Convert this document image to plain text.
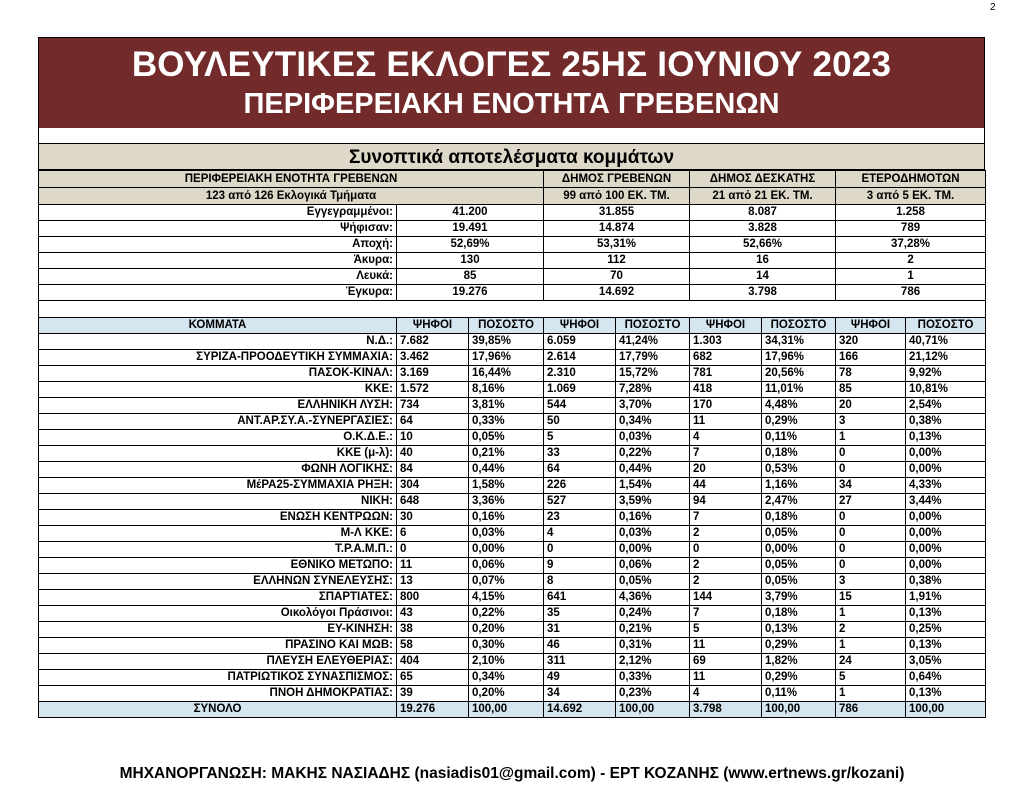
2
ΒΟΥΛΕΥΤΙΚΕΣ ΕΚΛΟΓΕΣ 25ΗΣ ΙΟΥΝΙΟΥ 2023
ΠΕΡΙΦΕΡΕΙΑΚΗ ΕΝΟΤΗΤΑ ΓΡΕΒΕΝΩΝ
Συνοπτικά αποτελέσματα κομμάτων
ΠΕΡΙΦΕΡΕΙΑΚΗ ΕΝΟΤΗΤΑ ΓΡΕΒΕΝΩΝ			ΔΗΜΟΣ ΓΡΕΒΕΝΩΝ		ΔΗΜΟΣ ΔΕΣΚΑΤΗΣ		ΕΤΕΡΟΔΗΜΟΤΩΝ	
123 από 126 Εκλογικά Τμήματα			99 από 100 ΕΚ. ΤΜ.		21 από 21 ΕΚ. ΤΜ.		3 από 5 ΕΚ. ΤΜ.	
Εγγεγραμμένοι:	41.200		31.855		8.087		1.258	
Ψήφισαν:	19.491		14.874		3.828		789	
Αποχή:	52,69%		53,31%		52,66%		37,28%	
Άκυρα:	130		112		16		2	
Λευκά:	85		70		14		1	
Έγκυρα:	19.276		14.692		3.798		786	

ΚΟΜΜΑΤΑ	ΨΗΦΟΙ	ΠΟΣΟΣΤΟ	ΨΗΦΟΙ	ΠΟΣΟΣΤΟ	ΨΗΦΟΙ	ΠΟΣΟΣΤΟ	ΨΗΦΟΙ	ΠΟΣΟΣΤΟ
Ν.Δ.:	7.682	39,85%	6.059	41,24%	1.303	34,31%	320	40,71%
ΣΥΡΙΖΑ-ΠΡΟΟΔΕΥΤΙΚΗ ΣΥΜΜΑΧΙΑ:	3.462	17,96%	2.614	17,79%	682	17,96%	166	21,12%
ΠΑΣΟΚ-ΚΙΝΑΛ:	3.169	16,44%	2.310	15,72%	781	20,56%	78	9,92%
ΚΚΕ:	1.572	8,16%	1.069	7,28%	418	11,01%	85	10,81%
ΕΛΛΗΝΙΚΗ ΛΥΣΗ:	734	3,81%	544	3,70%	170	4,48%	20	2,54%
ΑΝΤ.ΑΡ.ΣΥ.Α.-ΣΥΝΕΡΓΑΣΙΕΣ:	64	0,33%	50	0,34%	11	0,29%	3	0,38%
Ο.Κ.Δ.Ε.:	10	0,05%	5	0,03%	4	0,11%	1	0,13%
ΚΚΕ (μ-λ):	40	0,21%	33	0,22%	7	0,18%	0	0,00%
ΦΩΝΗ ΛΟΓΙΚΗΣ:	84	0,44%	64	0,44%	20	0,53%	0	0,00%
ΜέΡΑ25-ΣΥΜΜΑΧΙΑ ΡΗΞΗ:	304	1,58%	226	1,54%	44	1,16%	34	4,33%
ΝΙΚΗ:	648	3,36%	527	3,59%	94	2,47%	27	3,44%
ΕΝΩΣΗ ΚΕΝΤΡΩΩΝ:	30	0,16%	23	0,16%	7	0,18%	0	0,00%
Μ-Λ ΚΚΕ:	6	0,03%	4	0,03%	2	0,05%	0	0,00%
Τ.Ρ.Α.Μ.Π.:	0	0,00%	0	0,00%	0	0,00%	0	0,00%
ΕΘΝΙΚΟ ΜΕΤΩΠΟ:	11	0,06%	9	0,06%	2	0,05%	0	0,00%
ΕΛΛΗΝΩΝ ΣΥΝΕΛΕΥΣΗΣ:	13	0,07%	8	0,05%	2	0,05%	3	0,38%
ΣΠΑΡΤΙΑΤΕΣ:	800	4,15%	641	4,36%	144	3,79%	15	1,91%
Οικολόγοι Πράσινοι:	43	0,22%	35	0,24%	7	0,18%	1	0,13%
ΕΥ-ΚΙΝΗΣΗ:	38	0,20%	31	0,21%	5	0,13%	2	0,25%
ΠΡΑΣΙΝΟ ΚΑΙ ΜΩΒ:	58	0,30%	46	0,31%	11	0,29%	1	0,13%
ΠΛΕΥΣΗ ΕΛΕΥΘΕΡΙΑΣ:	404	2,10%	311	2,12%	69	1,82%	24	3,05%
ΠΑΤΡΙΩΤΙΚΟΣ ΣΥΝΑΣΠΙΣΜΟΣ:	65	0,34%	49	0,33%	11	0,29%	5	0,64%
ΠΝΟΗ ΔΗΜΟΚΡΑΤΙΑΣ:	39	0,20%	34	0,23%	4	0,11%	1	0,13%
ΣΥΝΟΛΟ	19.276	100,00	14.692	100,00	3.798	100,00	786	100,00
ΜΗΧΑΝΟΡΓΑΝΩΣΗ: ΜΑΚΗΣ ΝΑΣΙΑΔΗΣ (nasiadis01@gmail.com) - ΕΡΤ ΚΟΖΑΝΗΣ (www.ertnews.gr/kozani)
